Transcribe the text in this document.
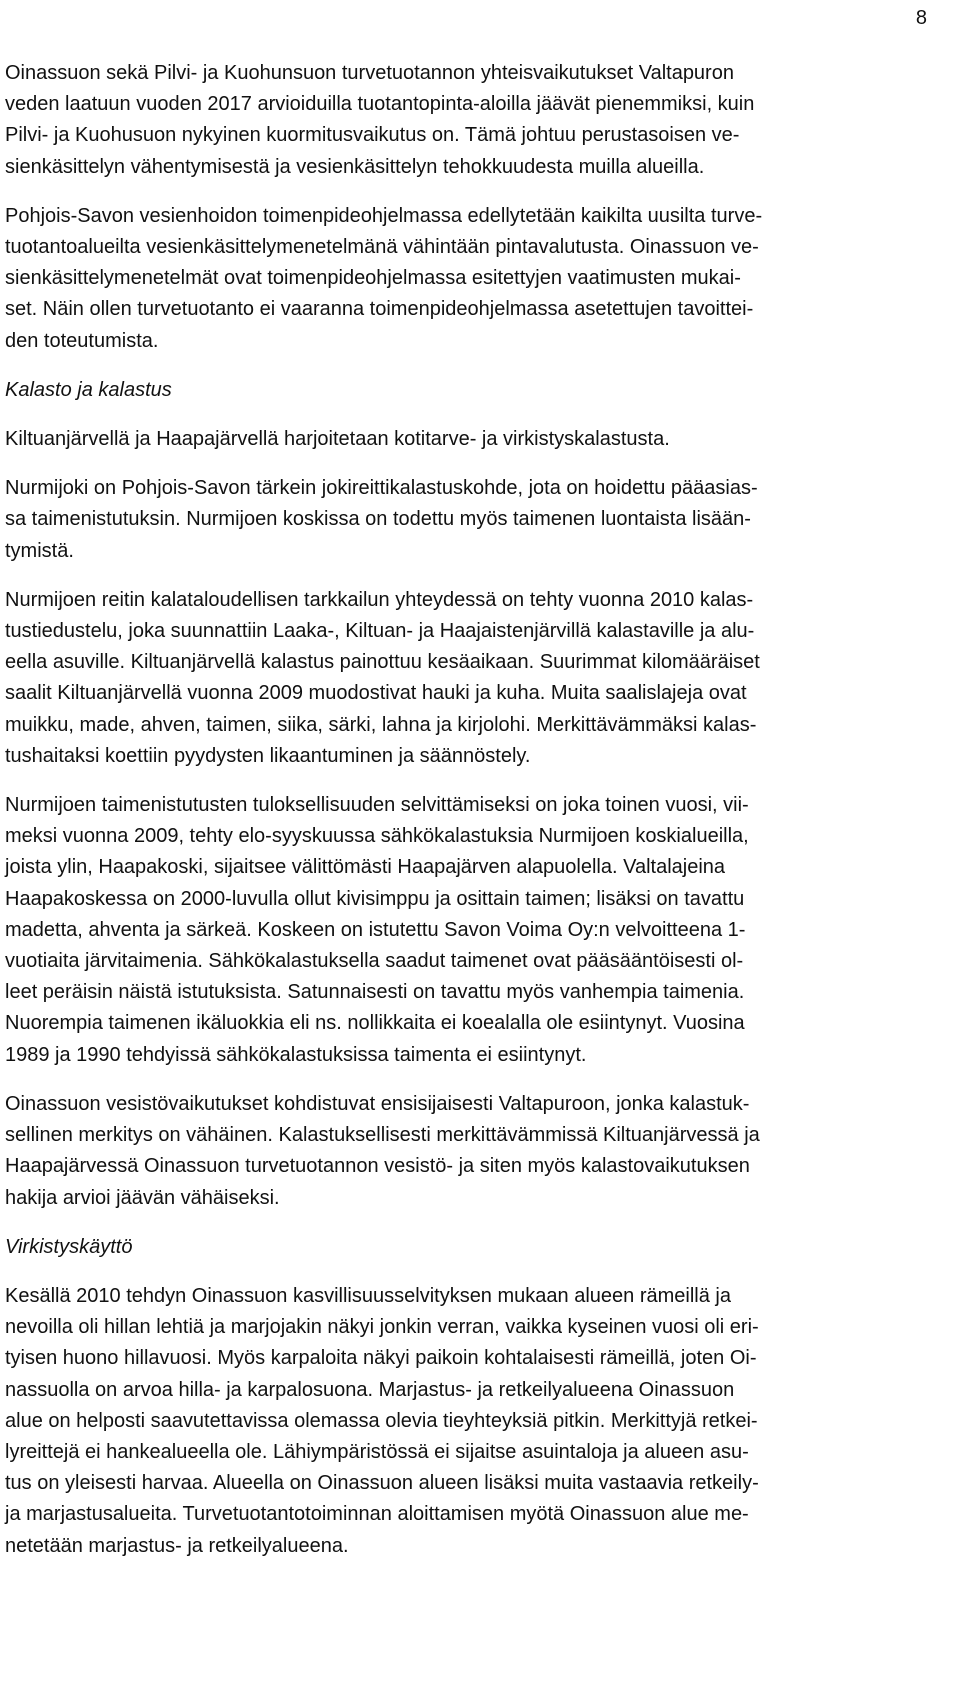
8

Oinassuon sekä Pilvi- ja Kuohunsuon turvetuotannon yhteisvaikutukset Valtapuron
veden laatuun vuoden 2017 arvioiduilla tuotantopinta-aloilla jäävät pienemmiksi, kuin
Pilvi- ja Kuohusuon nykyinen kuormitusvaikutus on. Tämä johtuu perustasoisen ve-
sienkäsittelyn vähentymisestä ja vesienkäsittelyn tehokkuudesta muilla alueilla.

Pohjois-Savon vesienhoidon toimenpideohjelmassa edellytetään kaikilta uusilta turve-
tuotantoalueilta vesienkäsittelymenetelmänä vähintään pintavalutusta. Oinassuon ve-
sienkäsittelymenetelmät ovat toimenpideohjelmassa esitettyjen vaatimusten mukai-
set. Näin ollen turvetuotanto ei vaaranna toimenpideohjelmassa asetettujen tavoittei-
den toteutumista.

Kalasto ja kalastus

Kiltuanjärvellä ja Haapajärvellä harjoitetaan kotitarve- ja virkistyskalastusta.

Nurmijoki on Pohjois-Savon tärkein jokireittikalastuskohde, jota on hoidettu pääasias-
sa taimenistutuksin. Nurmijoen koskissa on todettu myös taimenen luontaista lisään-
tymistä.

Nurmijoen reitin kalataloudellisen tarkkailun yhteydessä on tehty vuonna 2010 kalas-
tustiedustelu, joka suunnattiin Laaka-, Kiltuan- ja Haajaistenjärvillä kalastaville ja alu-
eella asuville. Kiltuanjärvellä kalastus painottuu kesäaikaan. Suurimmat kilomääräiset
saalit Kiltuanjärvellä vuonna 2009 muodostivat hauki ja kuha. Muita saalislajeja ovat
muikku, made, ahven, taimen, siika, särki, lahna ja kirjolohi. Merkittävämmäksi kalas-
tushaitaksi koettiin pyydysten likaantuminen ja säännöstely.

Nurmijoen taimenistutusten tuloksellisuuden selvittämiseksi on joka toinen vuosi, vii-
meksi vuonna 2009, tehty elo-syyskuussa sähkökalastuksia Nurmijoen koskialueilla,
joista ylin, Haapakoski, sijaitsee välittömästi Haapajärven alapuolella. Valtalajeina
Haapakoskessa on 2000-luvulla ollut kivisimppu ja osittain taimen; lisäksi on tavattu
madetta, ahventa ja särkeä. Koskeen on istutettu Savon Voima Oy:n velvoitteena 1-
vuotiaita järvitaimenia. Sähkökalastuksella saadut taimenet ovat pääsääntöisesti ol-
leet peräisin näistä istutuksista. Satunnaisesti on tavattu myös vanhempia taimenia.
Nuorempia taimenen ikäluokkia eli ns. nollikkaita ei koealalla ole esiintynyt. Vuosina
1989 ja 1990 tehdyissä sähkökalastuksissa taimenta ei esiintynyt.

Oinassuon vesistövaikutukset kohdistuvat ensisijaisesti Valtapuroon, jonka kalastuk-
sellinen merkitys on vähäinen. Kalastuksellisesti merkittävämmissä Kiltuanjärvessä ja
Haapajärvessä Oinassuon turvetuotannon vesistö- ja siten myös kalastovaikutuksen
hakija arvioi jäävän vähäiseksi.

Virkistyskäyttö

Kesällä 2010 tehdyn Oinassuon kasvillisuusselvityksen mukaan alueen rämeillä ja
nevoilla oli hillan lehtiä ja marjojakin näkyi jonkin verran, vaikka kyseinen vuosi oli eri-
tyisen huono hillavuosi. Myös karpaloita näkyi paikoin kohtalaisesti rämeillä, joten Oi-
nassuolla on arvoa hilla- ja karpalosuona. Marjastus- ja retkeilyalueena Oinassuon
alue on helposti saavutettavissa olemassa olevia tieyhteyksiä pitkin. Merkittyjä retkei-
lyreittejä ei hankealueella ole. Lähiympäristössä ei sijaitse asuintaloja ja alueen asu-
tus on yleisesti harvaa. Alueella on Oinassuon alueen lisäksi muita vastaavia retkeily-
ja marjastusalueita. Turvetuotantotoiminnan aloittamisen myötä Oinassuon alue me-
netetään marjastus- ja retkeilyalueena.
